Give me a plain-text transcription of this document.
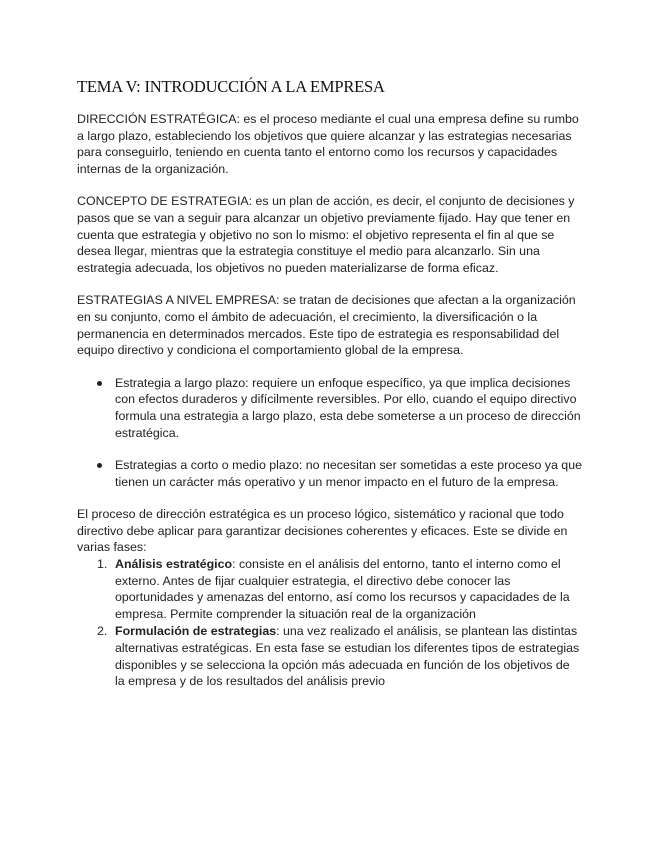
TEMA V: INTRODUCCIÓN A LA EMPRESA

DIRECCIÓN ESTRATÉGICA: es el proceso mediante el cual una empresa define su rumbo a largo plazo, estableciendo los objetivos que quiere alcanzar y las estrategias necesarias para conseguirlo, teniendo en cuenta tanto el entorno como los recursos y capacidades internas de la organización.

CONCEPTO DE ESTRATEGIA: es un plan de acción, es decir, el conjunto de decisiones y pasos que se van a seguir para alcanzar un objetivo previamente fijado. Hay que tener en cuenta que estrategia y objetivo no son lo mismo: el objetivo representa el fin al que se desea llegar, mientras que la estrategia constituye el medio para alcanzarlo. Sin una estrategia adecuada, los objetivos no pueden materializarse de forma eficaz.

ESTRATEGIAS A NIVEL EMPRESA: se tratan de decisiones que afectan a la organización en su conjunto, como el ámbito de adecuación, el crecimiento, la diversificación o la permanencia en determinados mercados. Este tipo de estrategia es responsabilidad del equipo directivo y condiciona el comportamiento global de la empresa.

Estrategia a largo plazo: requiere un enfoque específico, ya que implica decisiones con efectos duraderos y difícilmente reversibles. Por ello, cuando el equipo directivo formula una estrategia a largo plazo, esta debe someterse a un proceso de dirección estratégica.
Estrategias a corto o medio plazo: no necesitan ser sometidas a este proceso ya que tienen un carácter más operativo y un menor impacto en el futuro de la empresa.

El proceso de dirección estratégica es un proceso lógico, sistemático y racional que todo directivo debe aplicar para garantizar decisiones coherentes y eficaces. Este se divide en varias fases:

1. Análisis estratégico: consiste en el análisis del entorno, tanto el interno como el externo. Antes de fijar cualquier estrategia, el directivo debe conocer las oportunidades y amenazas del entorno, así como los recursos y capacidades de la empresa. Permite comprender la situación real de la organización
2. Formulación de estrategias: una vez realizado el análisis, se plantean las distintas alternativas estratégicas. En esta fase se estudian los diferentes tipos de estrategias disponibles y se selecciona la opción más adecuada en función de los objetivos de la empresa y de los resultados del análisis previo
